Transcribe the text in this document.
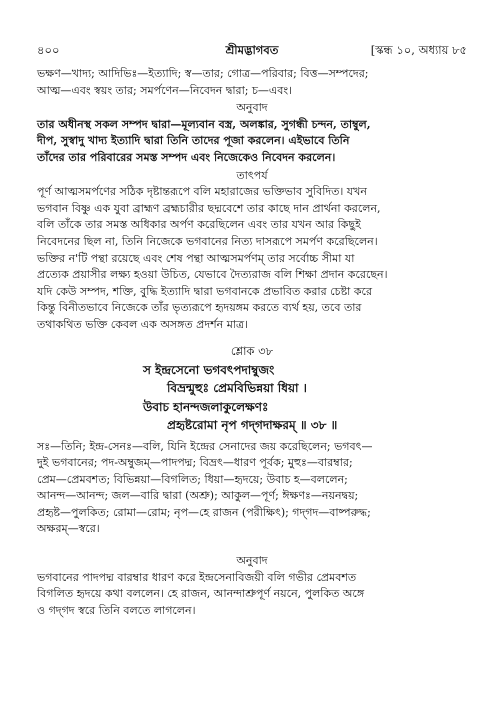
৪০০	শ্রীমদ্ভাগবত	[স্কন্ধ ১০, অধ্যায় ৮৫

ভক্ষণ—খাদ্য; আদিভিঃ—ইত্যাদি; স্ব—তার; গোত্র—পরিবার; বিত্ত—সম্পদের;

আত্ম—এবং স্বয়ং তার; সমর্পণেন—নিবেদন দ্বারা; চ—এবং।

অনুবাদ

তার অধীনস্থ সকল সম্পদ দ্বারা—মূল্যবান বস্ত্র, অলঙ্কার, সুগন্ধী চন্দন, তাম্বুল,

দীপ, সুস্বাদু খাদ্য ইত্যাদি দ্বারা তিনি তাদের পূজা করলেন। এইভাবে তিনি

তাঁদের তার পরিবারের সমস্ত সম্পদ এবং নিজেকেও নিবেদন করলেন।

তাৎপর্য

পূর্ণ আত্মসমর্পণের সঠিক দৃষ্টান্তরূপে বলি মহারাজের ভক্তিভাব সুবিদিত। যখন

ভগবান বিষ্ণু এক যুবা ব্রাহ্মণ ব্রহ্মচারীর ছদ্মবেশে তার কাছে দান প্রার্থনা করলেন,

বলি তাঁকে তার সমস্ত অধিকার অর্পণ করেছিলেন এবং তার যখন আর কিছুই

নিবেদনের ছিল না, তিনি নিজেকে ভগবানের নিত্য দাসরূপে সমর্পণ করেছিলেন।

ভক্তির ন'টি পন্থা রয়েছে এবং শেষ পন্থা আত্মসমর্পণম্‌ তার সর্বোচ্চ সীমা যা

প্রত্যেক প্রয়াসীর লক্ষ্য হওয়া উচিত, যেভাবে দৈত্যরাজ বলি শিক্ষা প্রদান করেছেন।

যদি কেউ সম্পদ, শক্তি, বুদ্ধি ইত্যাদি দ্বারা ভগবানকে প্রভাবিত করার চেষ্টা করে

কিন্তু বিনীতভাবে নিজেকে তাঁর ভৃত্যরূপে হৃদয়ঙ্গম করতে ব্যর্থ হয়, তবে তার

তথাকথিত ভক্তি কেবল এক অসঙ্গত প্রদর্শন মাত্র।

শ্লোক ৩৮

স ইন্দ্রসেনো ভগবৎপদাম্বুজং
বিভ্রন্মুহুঃ প্রেমবিভিন্নয়া ধিয়া ।
উবাচ হানন্দজলাকুলেক্ষণঃ
প্রহৃষ্টরোমা নৃপ গদ্‌গদাক্ষরম্‌ ॥ ৩৮ ॥

সঃ—তিনি; ইন্দ্র-সেনঃ—বলি, যিনি ইন্দ্রের সেনাদের জয় করেছিলেন; ভগবৎ—

দুই ভগবানের; পদ-অম্বুজম্‌—পাদপদ্ম; বিভ্রৎ—ধারণ পূর্বক; মুহুঃ—বারম্বার;

প্রেম—প্রেমবশত; বিভিন্নয়া—বিগলিত; ধিয়া—হৃদয়ে; উবাচ হ—বললেন;

আনন্দ—আনন্দ; জল—বারি দ্বারা (অশ্রু); আকুল—পূর্ণ; ঈক্ষণঃ—নয়নদ্বয়;

প্রহৃষ্ট—পুলকিত; রোমা—রোম; নৃপ—হে রাজন (পরীক্ষিৎ); গদ্‌গদ—বাষ্পরুদ্ধ;

অক্ষরম্‌—স্বরে।

অনুবাদ

ভগবানের পাদপদ্ম বারম্বার ধারণ করে ইন্দ্রসেনাবিজয়ী বলি গভীর প্রেমবশত

বিগলিত হৃদয়ে কথা বললেন। হে রাজন, আনন্দাশ্রুপূর্ণ নয়নে, পুলকিত অঙ্গে

ও গদ্‌গদ স্বরে তিনি বলতে লাগলেন।
